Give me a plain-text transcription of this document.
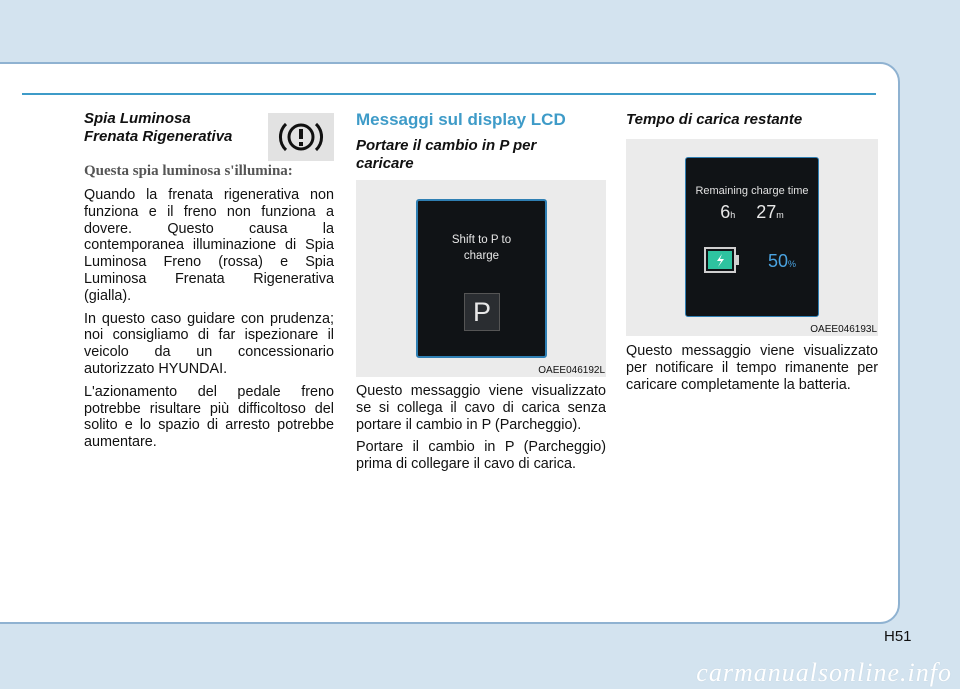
Spia Luminosa
Frenata Rigenerativa

Questa spia luminosa s'illumina:

Quando la frenata rigenerativa non funziona e il freno non funziona a dovere. Questo causa la contemporanea illuminazione di Spia Luminosa Freno (rossa) e Spia Luminosa Frenata Rigenerativa (gialla).

In questo caso guidare con prudenza; noi consigliamo di far ispezionare il veicolo da un concessionario autorizzato HYUNDAI.

L'azionamento del pedale freno potrebbe risultare più difficoltoso del solito e lo spazio di arresto potrebbe aumentare.

Messaggi sul display LCD
Portare il cambio in P per
caricare
Shift to P to
charge
P
OAEE046192L

Questo messaggio viene visualizzato se si collega il cavo di carica senza portare il cambio in P (Parcheggio).

Portare il cambio in P (Parcheggio) prima di collegare il cavo di carica.

Tempo di carica restante
Remaining charge time
6h 27m
50%
OAEE046193L

Questo messaggio viene visualizzato per notificare il tempo rimanente per caricare completamente la batteria.

H51
carmanualsonline.info
